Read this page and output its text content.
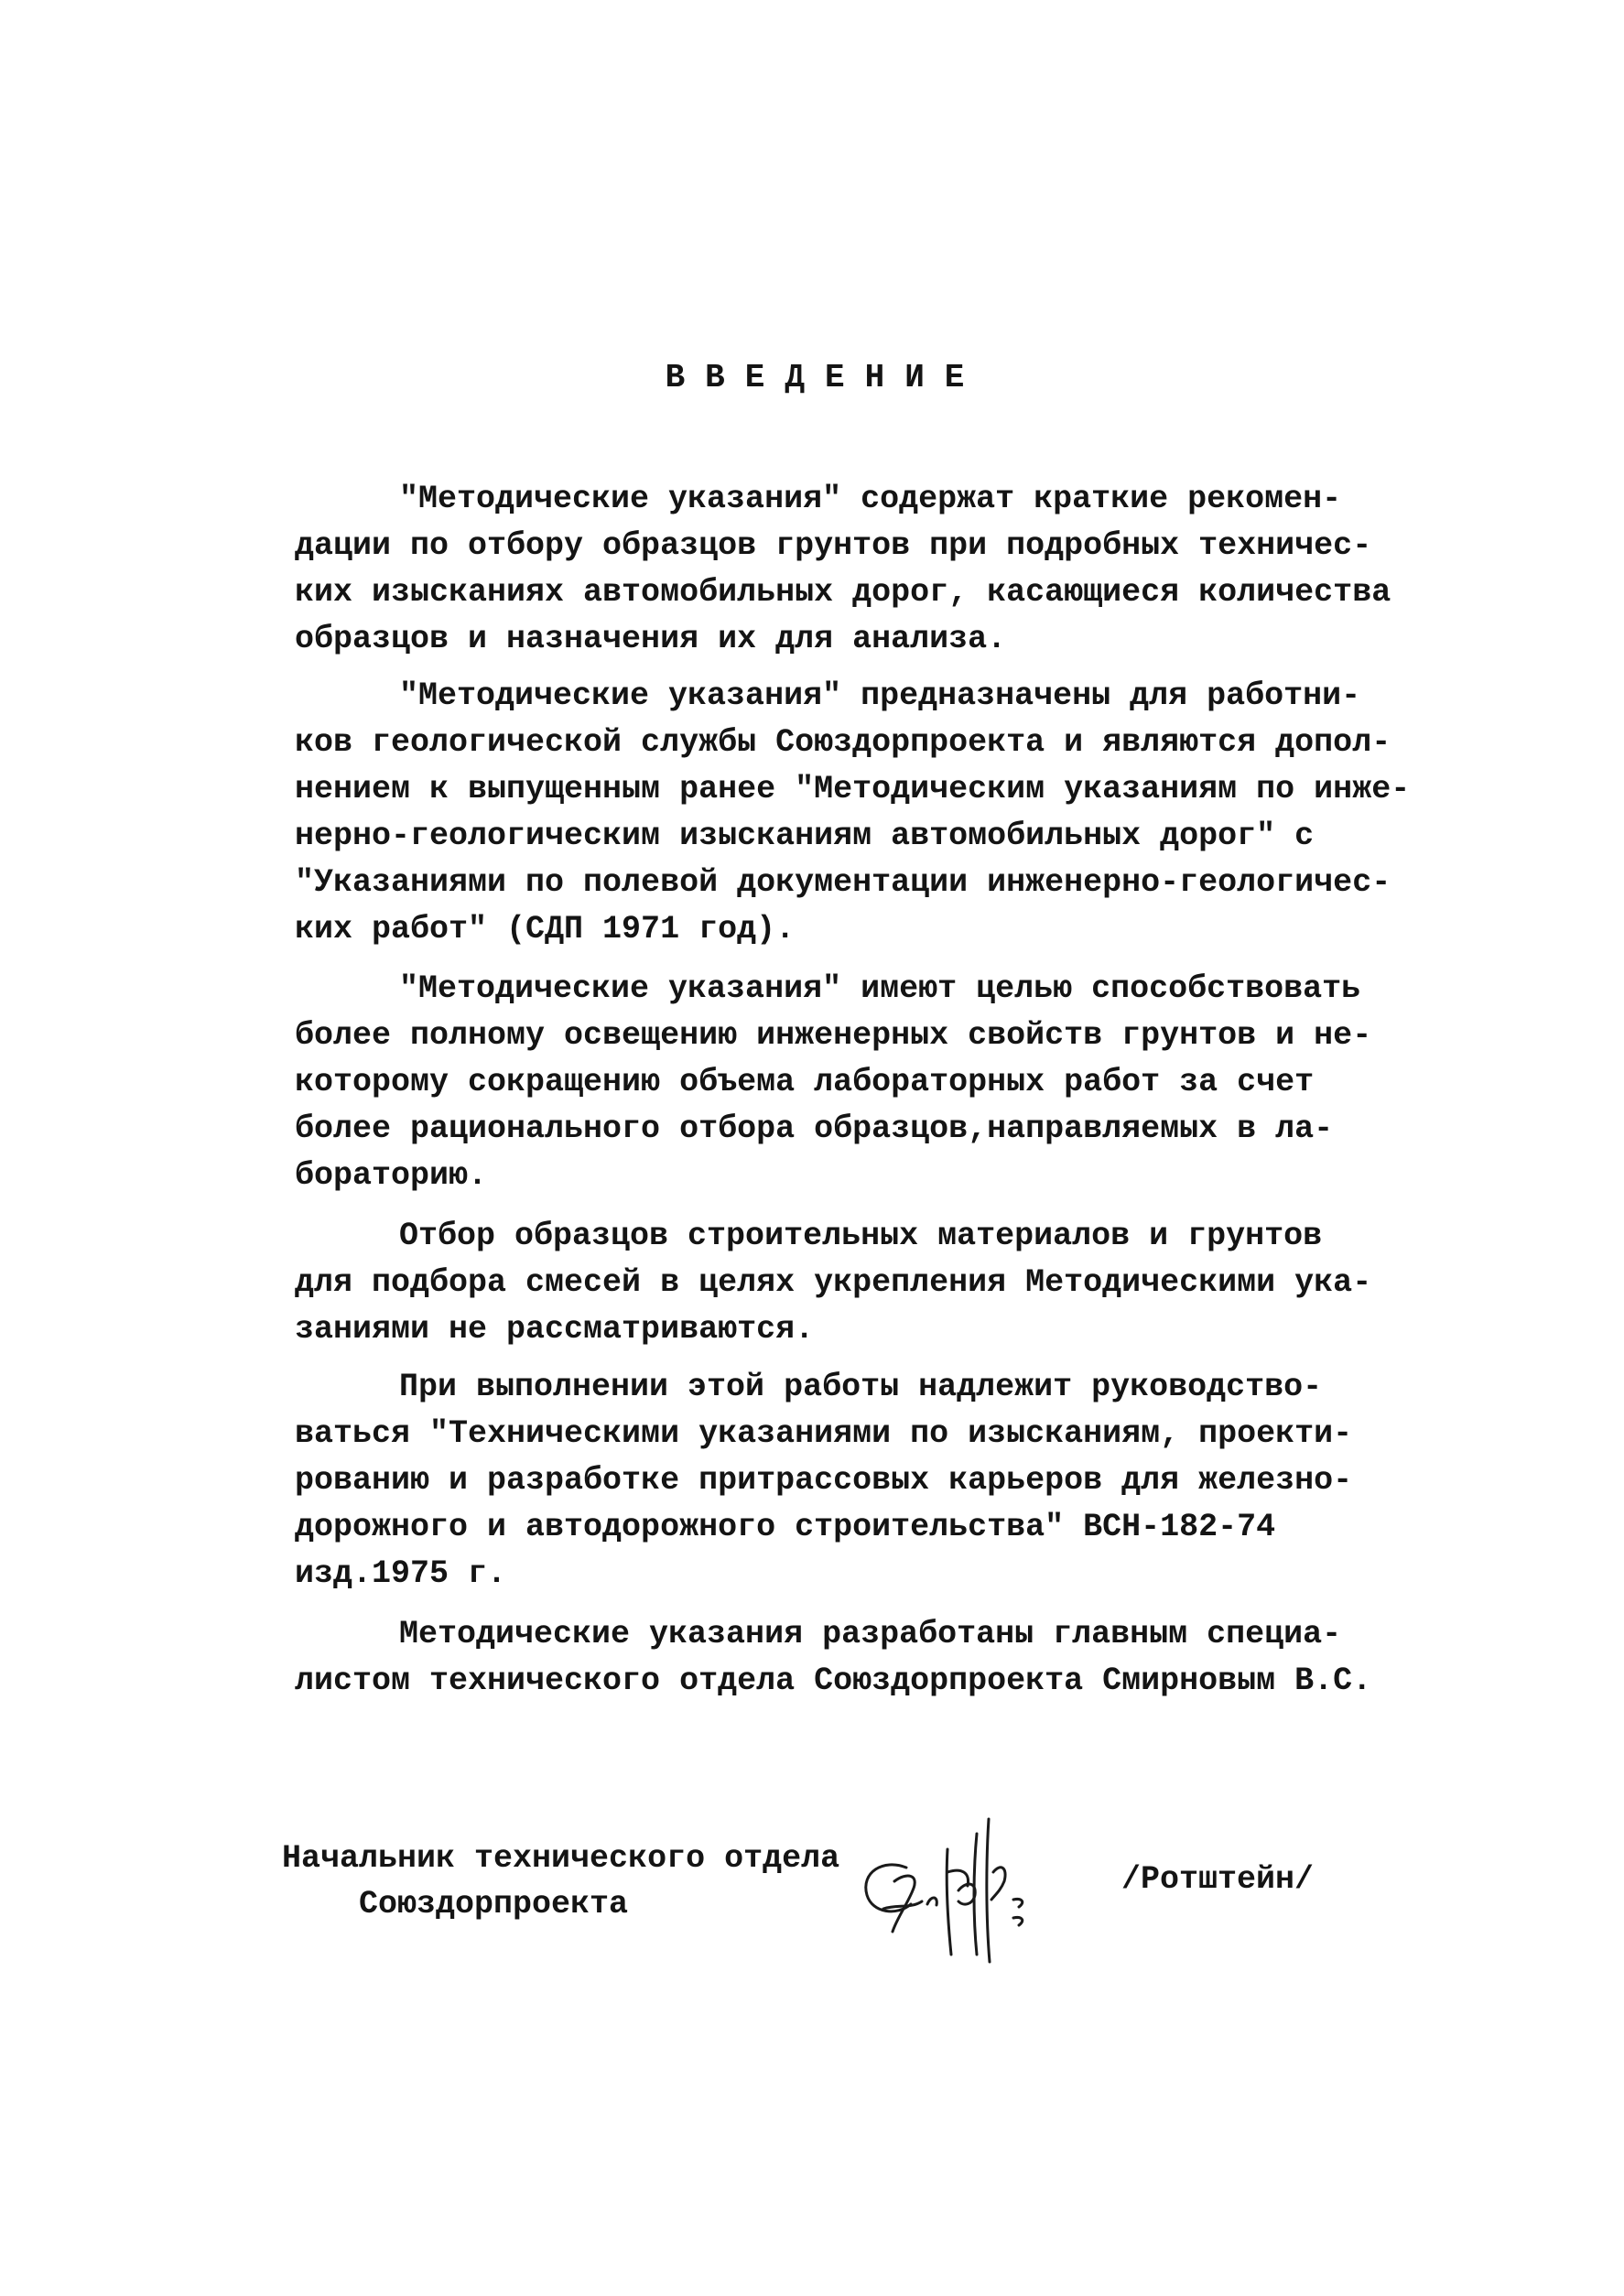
ВВЕДЕНИЕ

"Методические указания" содержат краткие рекомен-
дации по отбору образцов грунтов при подробных техничес-
ких изысканиях автомобильных дорог, касающиеся количества
образцов и назначения их для анализа.

"Методические указания" предназначены для работни-
ков геологической службы Союздорпроекта и являются допол-
нением к выпущенным ранее "Методическим указаниям по инже-
нерно-геологическим изысканиям автомобильных дорог" с
"Указаниями по полевой документации инженерно-геологичес-
ких работ" (СДП 1971 год).

"Методические указания" имеют целью способствовать
более полному освещению инженерных свойств грунтов и не-
которому сокращению объема лабораторных работ за счет
более рационального отбора образцов,направляемых в ла-
бораторию.

Отбор образцов строительных материалов и грунтов
для подбора смесей в целях укрепления Методическими ука-
заниями не рассматриваются.

При выполнении этой работы надлежит руководство-
ваться "Техническими указаниями по изысканиям, проекти-
рованию и разработке притрассовых карьеров для железно-
дорожного и автодорожного строительства" ВСН-182-74
изд.1975 г.

Методические указания разработаны главным специа-
листом технического отдела Союздорпроекта Смирновым В.С.

Начальник технического отдела
Союздорпроекта
/Ротштейн/
